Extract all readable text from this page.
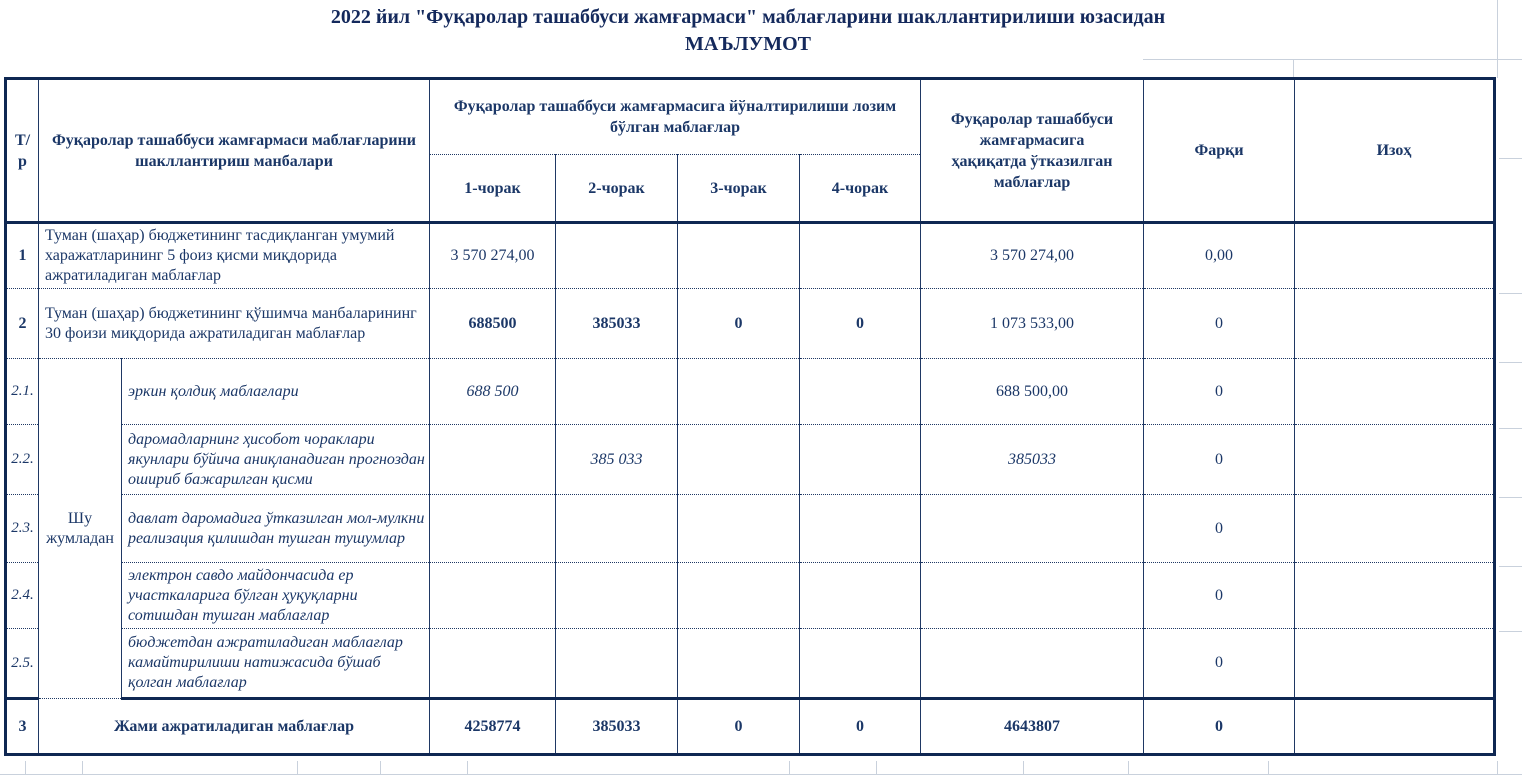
2022 йил "Фуқаролар ташаббуси жамғармаси" маблағларини шакллантирилиши юзасидан
МАЪЛУМОТ
Т/р	Фуқаролар ташаббуси жамғармаси маблағларини шакллантириш манбалари		Фуқаролар ташаббуси жамғармасига йўналтирилиши лозим бўлган маблағлар				Фуқаролар ташаббуси жамғармасига ҳақиқатда ўтказилган маблағлар	Фарқи	Изоҳ
			1-чорак	2-чорак	3-чорак	4-чорак			
1	Туман (шаҳар) бюджетининг тасдиқланган умумий харажатларининг 5 фоиз қисми миқдорида ажратиладиган маблағлар		3 570 274,00				3 570 274,00	0,00	
2	Туман (шаҳар) бюджетининг қўшимча манбаларининг 30 фоизи миқдорида ажратиладиган маблағлар		688500	385033	0	0	1 073 533,00	0	
2.1.	Шу жумладан	эркин қолдиқ маблағлари	688 500				688 500,00	0	
2.2.		даромадларнинг ҳисобот чораклари якунлари бўйича аниқланадиган прогноздан ошириб бажарилган қисми		385 033			385033	0	
2.3.		давлат даромадига ўтказилган мол-мулкни реализация қилишдан тушган тушумлар						0	
2.4.		электрон савдо майдончасида ер участкаларига бўлган ҳуқуқларни сотишдан тушган маблағлар						0	
2.5.		бюджетдан ажратиладиган маблағлар камайтирилиши натижасида бўшаб қолган маблағлар						0	
3	Жами ажратиладиган маблағлар		4258774	385033	0	0	4643807	0	
